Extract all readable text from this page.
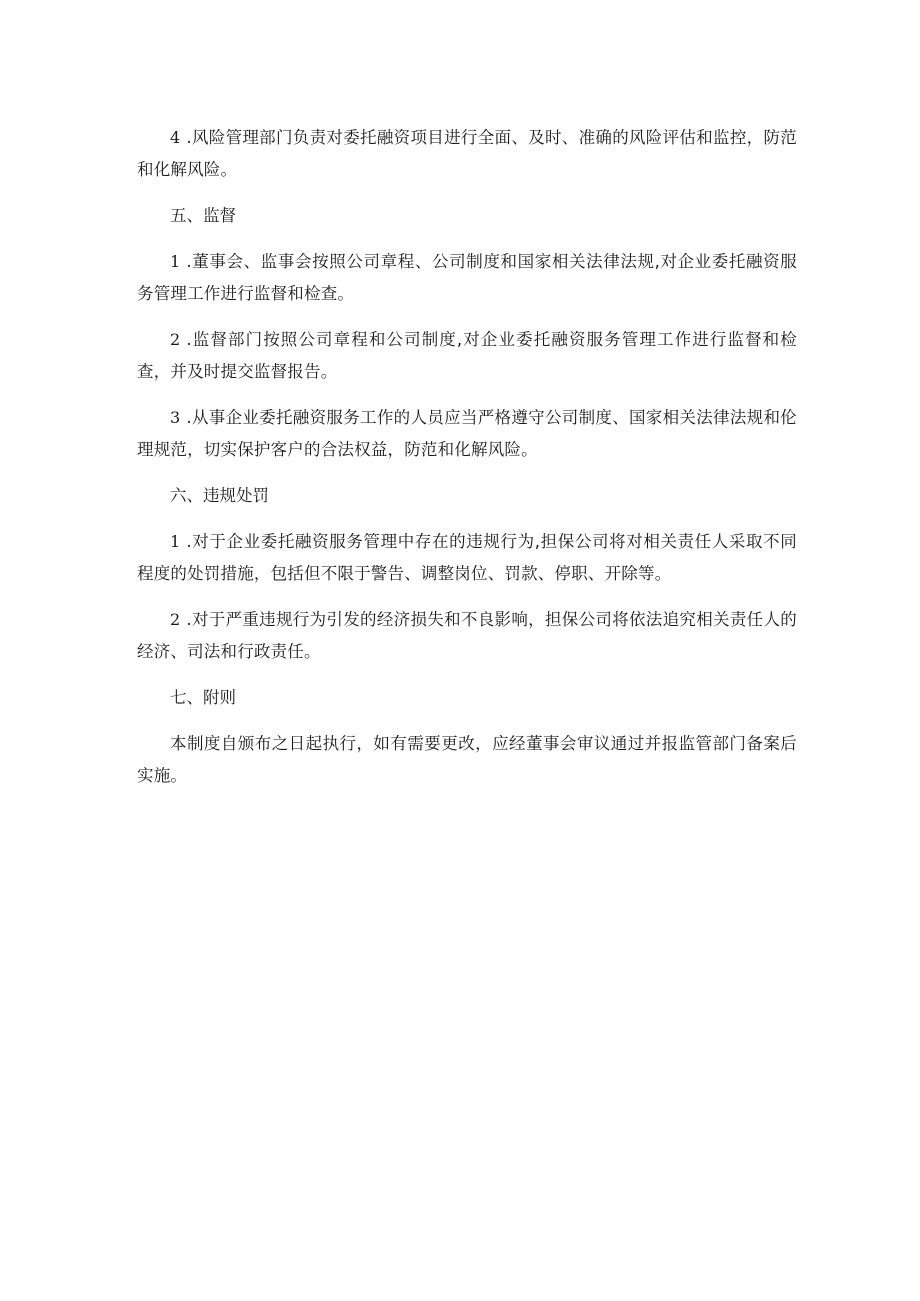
4 .风险管理部门负责对委托融资项目进行全面、及时、准确的风险评估和监控，防范和化解风险。

五、监督

1 .董事会、监事会按照公司章程、公司制度和国家相关法律法规,对企业委托融资服务管理工作进行监督和检查。

2 .监督部门按照公司章程和公司制度,对企业委托融资服务管理工作进行监督和检查，并及时提交监督报告。

3 .从事企业委托融资服务工作的人员应当严格遵守公司制度、国家相关法律法规和伦理规范，切实保护客户的合法权益，防范和化解风险。

六、违规处罚

1 .对于企业委托融资服务管理中存在的违规行为,担保公司将对相关责任人采取不同程度的处罚措施，包括但不限于警告、调整岗位、罚款、停职、开除等。

2 .对于严重违规行为引发的经济损失和不良影响，担保公司将依法追究相关责任人的经济、司法和行政责任。

七、附则

本制度自颁布之日起执行，如有需要更改，应经董事会审议通过并报监管部门备案后实施。
